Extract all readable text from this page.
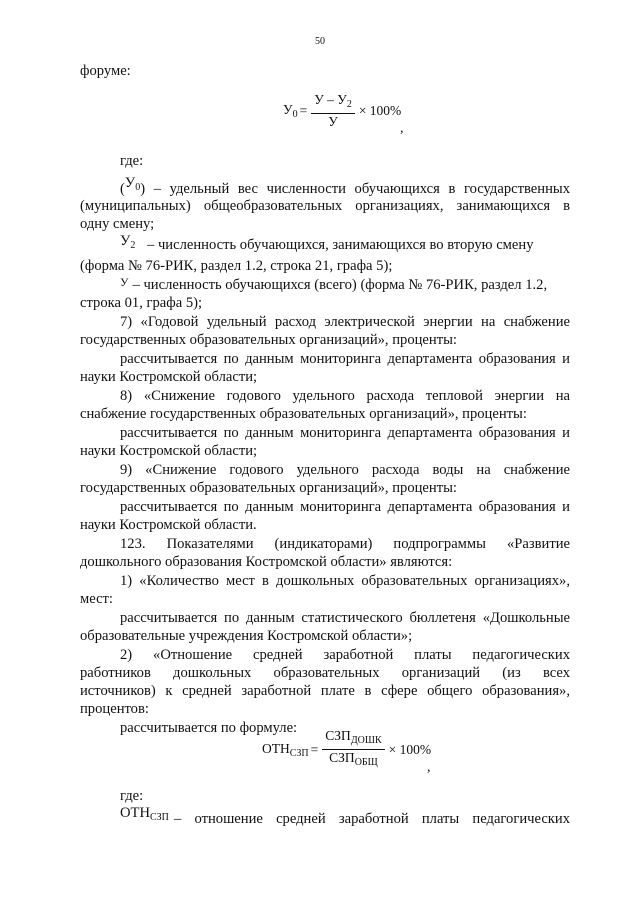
50
форуме:
$У_0 = \frac{У - У_2}{У} \times 100\%$
,
где:
$(У_0)$ – удельный вес численности обучающихся в государственных
(муниципальных) общеобразовательных организациях, занимающихся в
одну смену;
$У_2$ – численность обучающихся, занимающихся во вторую смену
(форма № 76-РИК, раздел 1.2, строка 21, графа 5);
$^У$ – численность обучающихся (всего) (форма № 76-РИК, раздел 1.2,
строка 01, графа 5);
7) «Годовой удельный расход электрической энергии на снабжение
государственных образовательных организаций», проценты:
рассчитывается по данным мониторинга департамента образования и
науки Костромской области;
8) «Снижение годового удельного расхода тепловой энергии на
снабжение государственных образовательных организаций», проценты:
рассчитывается по данным мониторинга департамента образования и
науки Костромской области;
9) «Снижение годового удельного расхода воды на снабжение
государственных образовательных организаций», проценты:
рассчитывается по данным мониторинга департамента образования и
науки Костромской области.
123. Показателями (индикаторами) подпрограммы «Развитие
дошкольного образования Костромской области» являются:
1) «Количество мест в дошкольных образовательных организациях»,
мест:
рассчитывается по данным статистического бюллетеня «Дошкольные
образовательные учреждения Костромской области»;
2) «Отношение средней заработной платы педагогических
работников дошкольных образовательных организаций (из всех
источников) к средней заработной плате в сфере общего образования»,
процентов:
рассчитывается по формуле:
$ОТН_{СЗП} = \frac{СЗП_{ДОШК}}{СЗП_{ОБЩ}} \times 100\%$
,
где:
$ОТН_{СЗП}$ – отношение средней заработной платы педагогических
